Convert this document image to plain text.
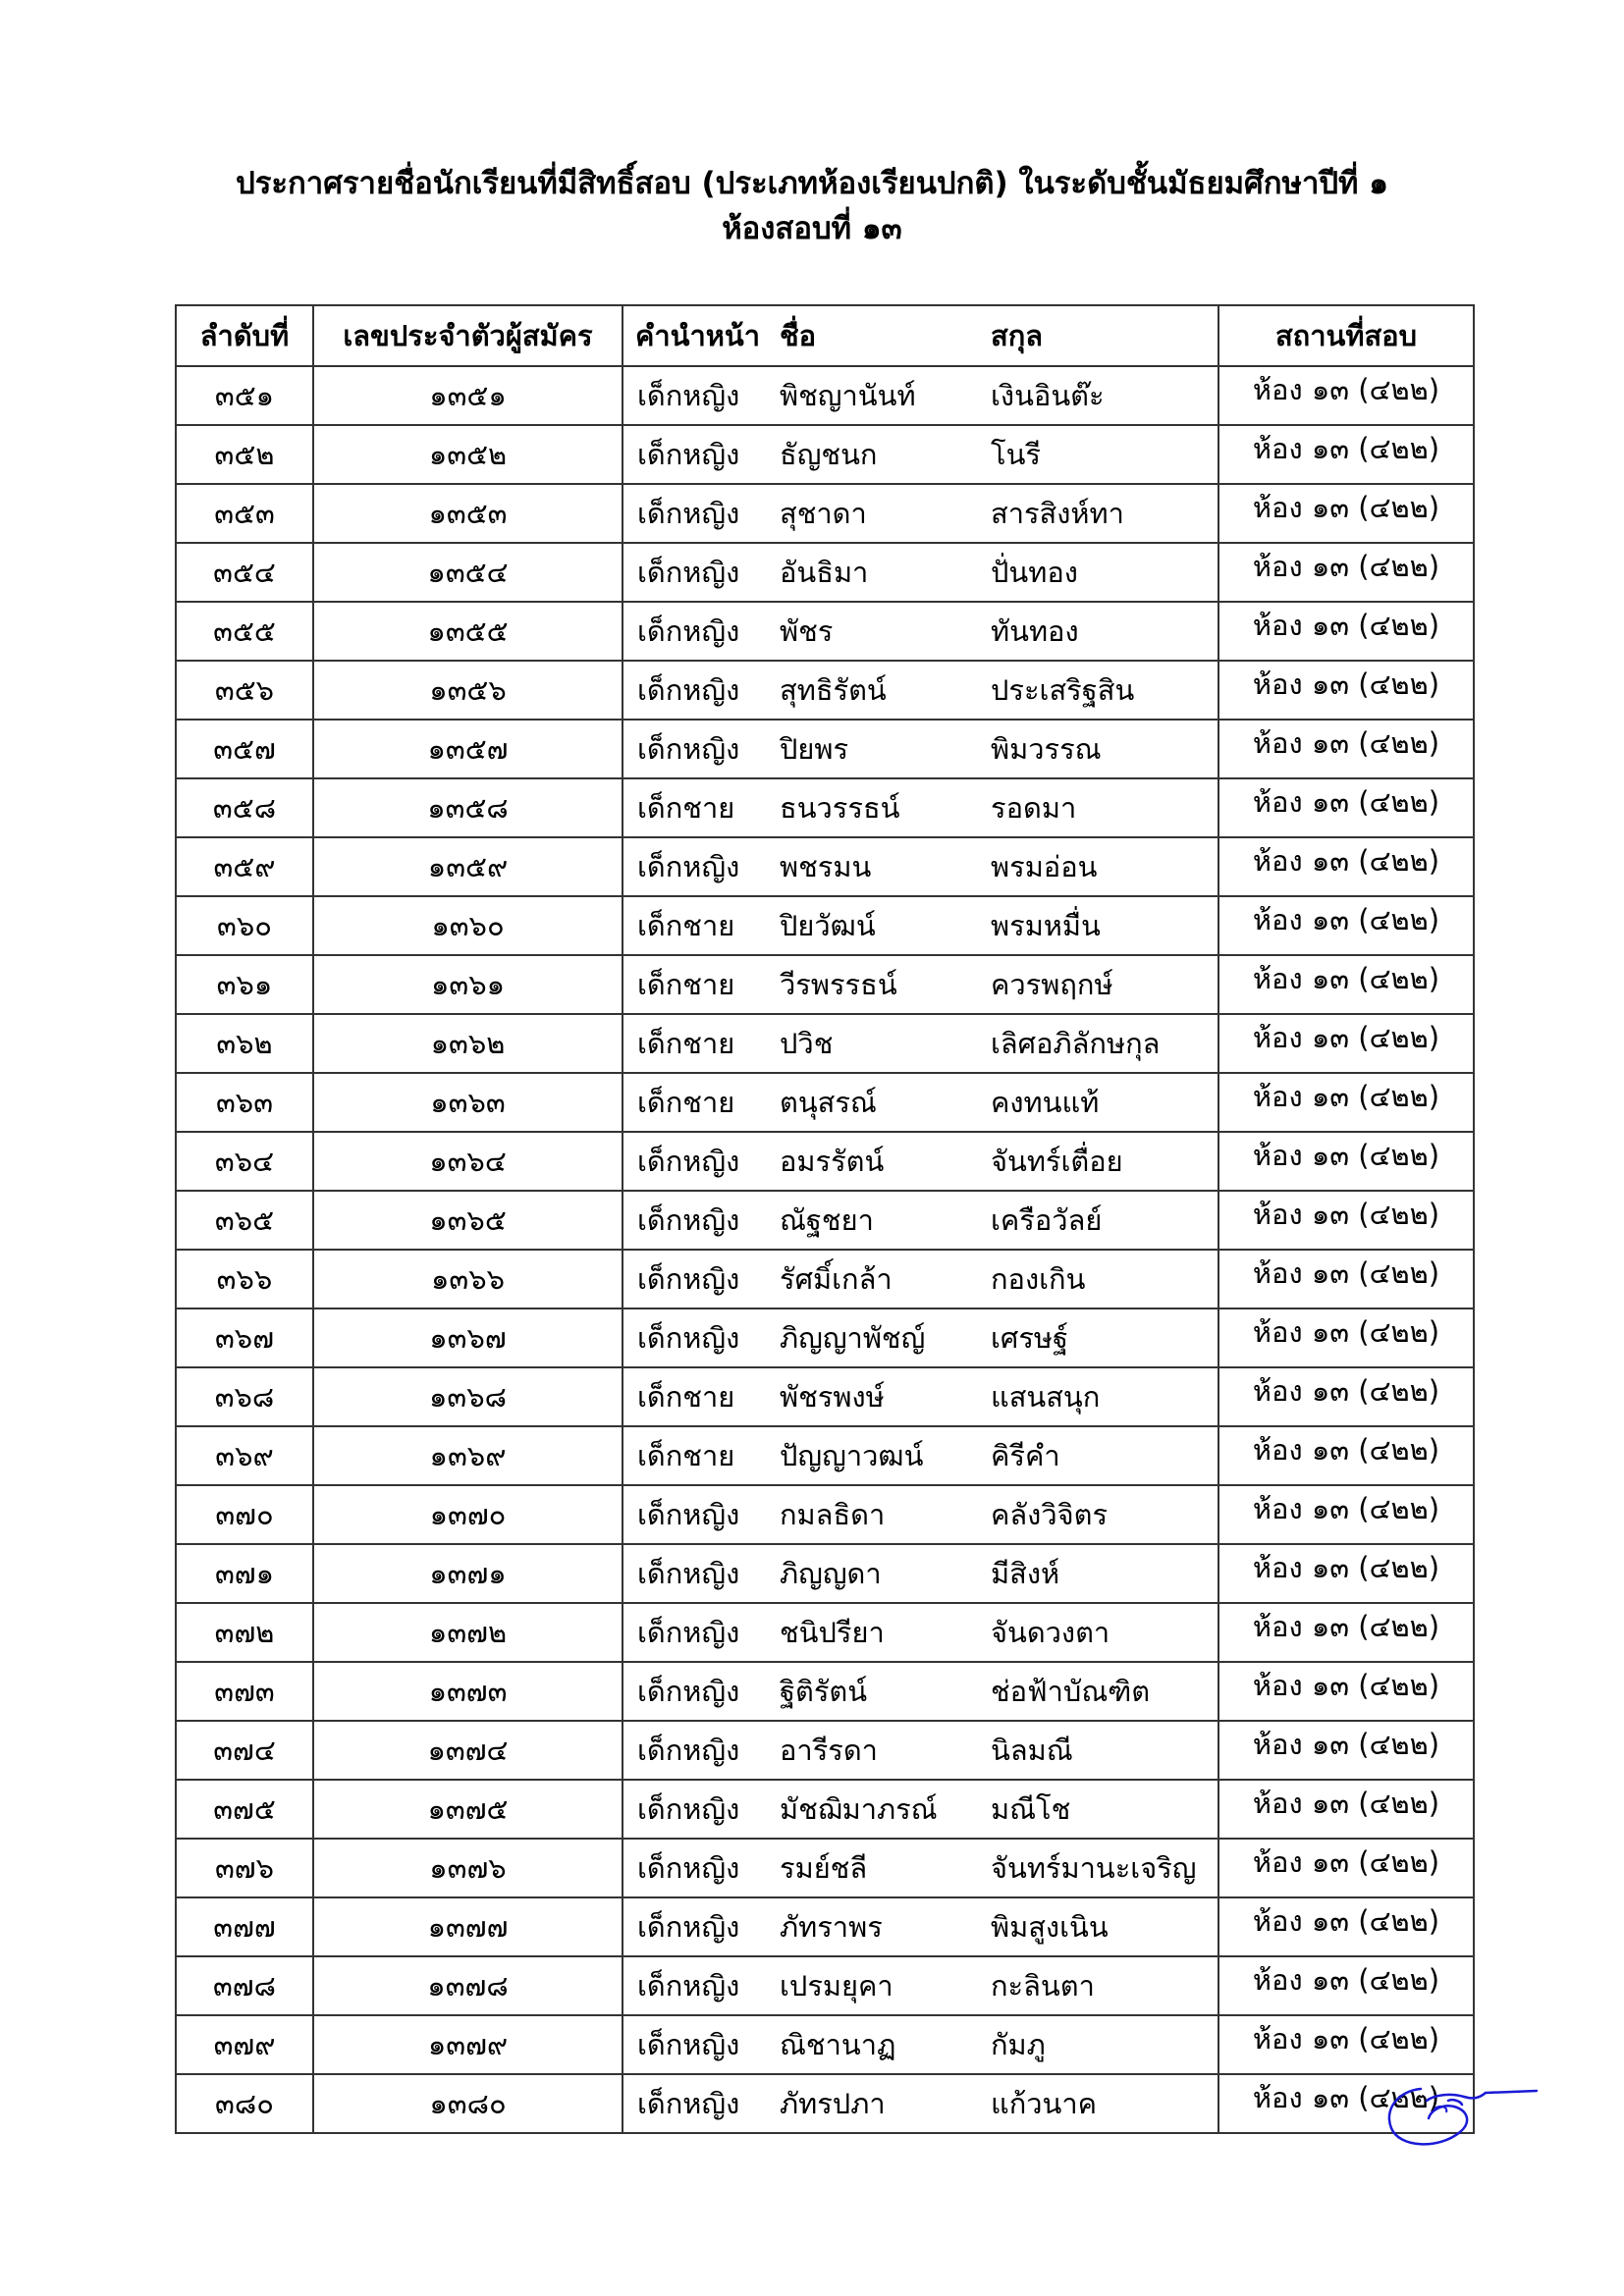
ประกาศรายชื่อนักเรียนที่มีสิทธิ์สอบ (ประเภทห้องเรียนปกติ) ในระดับชั้นมัธยมศึกษาปีที่ ๑
ห้องสอบที่ ๑๓
ลำดับที่	เลขประจำตัวผู้สมัคร	คำนำหน้า	ชื่อ	สกุล	สถานที่สอบ
๓๕๑	๑๓๕๑	เด็กหญิง	พิชญานันท์	เงินอินต๊ะ	ห้อง ๑๓ (๔๒๒)
๓๕๒	๑๓๕๒	เด็กหญิง	ธัญชนก	โนรี	ห้อง ๑๓ (๔๒๒)
๓๕๓	๑๓๕๓	เด็กหญิง	สุชาดา	สารสิงห์ทา	ห้อง ๑๓ (๔๒๒)
๓๕๔	๑๓๕๔	เด็กหญิง	อันธิมา	ปั่นทอง	ห้อง ๑๓ (๔๒๒)
๓๕๕	๑๓๕๕	เด็กหญิง	พัชร	ทันทอง	ห้อง ๑๓ (๔๒๒)
๓๕๖	๑๓๕๖	เด็กหญิง	สุทธิรัตน์	ประเสริฐสิน	ห้อง ๑๓ (๔๒๒)
๓๕๗	๑๓๕๗	เด็กหญิง	ปิยพร	พิมวรรณ	ห้อง ๑๓ (๔๒๒)
๓๕๘	๑๓๕๘	เด็กชาย	ธนวรรธน์	รอดมา	ห้อง ๑๓ (๔๒๒)
๓๕๙	๑๓๕๙	เด็กหญิง	พชรมน	พรมอ่อน	ห้อง ๑๓ (๔๒๒)
๓๖๐	๑๓๖๐	เด็กชาย	ปิยวัฒน์	พรมหมื่น	ห้อง ๑๓ (๔๒๒)
๓๖๑	๑๓๖๑	เด็กชาย	วีรพรรธน์	ควรพฤกษ์	ห้อง ๑๓ (๔๒๒)
๓๖๒	๑๓๖๒	เด็กชาย	ปวิช	เลิศอภิลักษกุล	ห้อง ๑๓ (๔๒๒)
๓๖๓	๑๓๖๓	เด็กชาย	ตนุสรณ์	คงทนแท้	ห้อง ๑๓ (๔๒๒)
๓๖๔	๑๓๖๔	เด็กหญิง	อมรรัตน์	จันทร์เตื่อย	ห้อง ๑๓ (๔๒๒)
๓๖๕	๑๓๖๕	เด็กหญิง	ณัฐชยา	เครือวัลย์	ห้อง ๑๓ (๔๒๒)
๓๖๖	๑๓๖๖	เด็กหญิง	รัศมิ์เกล้า	กองเกิน	ห้อง ๑๓ (๔๒๒)
๓๖๗	๑๓๖๗	เด็กหญิง	ภิญญาพัชญ์	เศรษฐ์	ห้อง ๑๓ (๔๒๒)
๓๖๘	๑๓๖๘	เด็กชาย	พัชรพงษ์	แสนสนุก	ห้อง ๑๓ (๔๒๒)
๓๖๙	๑๓๖๙	เด็กชาย	ปัญญาวฒน์	คิรีคำ	ห้อง ๑๓ (๔๒๒)
๓๗๐	๑๓๗๐	เด็กหญิง	กมลธิดา	คลังวิจิตร	ห้อง ๑๓ (๔๒๒)
๓๗๑	๑๓๗๑	เด็กหญิง	ภิญญดา	มีสิงห์	ห้อง ๑๓ (๔๒๒)
๓๗๒	๑๓๗๒	เด็กหญิง	ชนิปรียา	จันดวงตา	ห้อง ๑๓ (๔๒๒)
๓๗๓	๑๓๗๓	เด็กหญิง	ฐิติรัตน์	ช่อฟ้าบัณฑิต	ห้อง ๑๓ (๔๒๒)
๓๗๔	๑๓๗๔	เด็กหญิง	อารีรดา	นิลมณี	ห้อง ๑๓ (๔๒๒)
๓๗๕	๑๓๗๕	เด็กหญิง	มัชฌิมาภรณ์	มณีโช	ห้อง ๑๓ (๔๒๒)
๓๗๖	๑๓๗๖	เด็กหญิง	รมย์ชลี	จันทร์มานะเจริญ	ห้อง ๑๓ (๔๒๒)
๓๗๗	๑๓๗๗	เด็กหญิง	ภัทราพร	พิมสูงเนิน	ห้อง ๑๓ (๔๒๒)
๓๗๘	๑๓๗๘	เด็กหญิง	เปรมยุคา	กะลินตา	ห้อง ๑๓ (๔๒๒)
๓๗๙	๑๓๗๙	เด็กหญิง	ณิชานาฏ	กัมภู	ห้อง ๑๓ (๔๒๒)
๓๘๐	๑๓๘๐	เด็กหญิง	ภัทรปภา	แก้วนาค	ห้อง ๑๓ (๔๒๒)
